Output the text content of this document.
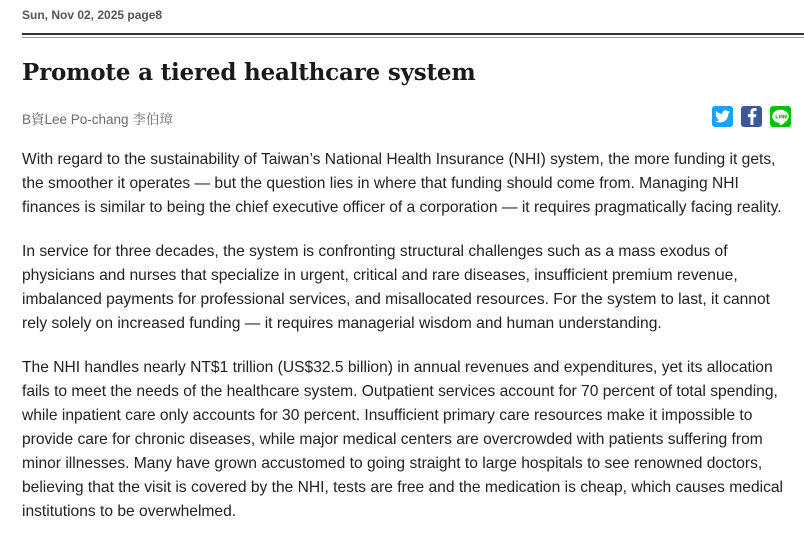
Sun, Nov 02, 2025 page8
Promote a tiered healthcare system
B資Lee Po-chang 李伯璋

With regard to the sustainability of Taiwan’s National Health Insurance (NHI) system, the more funding it gets, the smoother it operates — but the question lies in where that funding should come from. Managing NHI finances is similar to being the chief executive officer of a corporation — it requires pragmatically facing reality.

In service for three decades, the system is confronting structural challenges such as a mass exodus of physicians and nurses that specialize in urgent, critical and rare diseases, insufficient premium revenue, imbalanced payments for professional services, and misallocated resources. For the system to last, it cannot rely solely on increased funding — it requires managerial wisdom and human understanding.

The NHI handles nearly NT$1 trillion (US$32.5 billion) in annual revenues and expenditures, yet its allocation fails to meet the needs of the healthcare system. Outpatient services account for 70 percent of total spending, while inpatient care only accounts for 30 percent. Insufficient primary care resources make it impossible to provide care for chronic diseases, while major medical centers are overcrowded with patients suffering from minor illnesses. Many have grown accustomed to going straight to large hospitals to see renowned doctors, believing that the visit is covered by the NHI, tests are free and the medication is cheap, which causes medical institutions to be overwhelmed.
